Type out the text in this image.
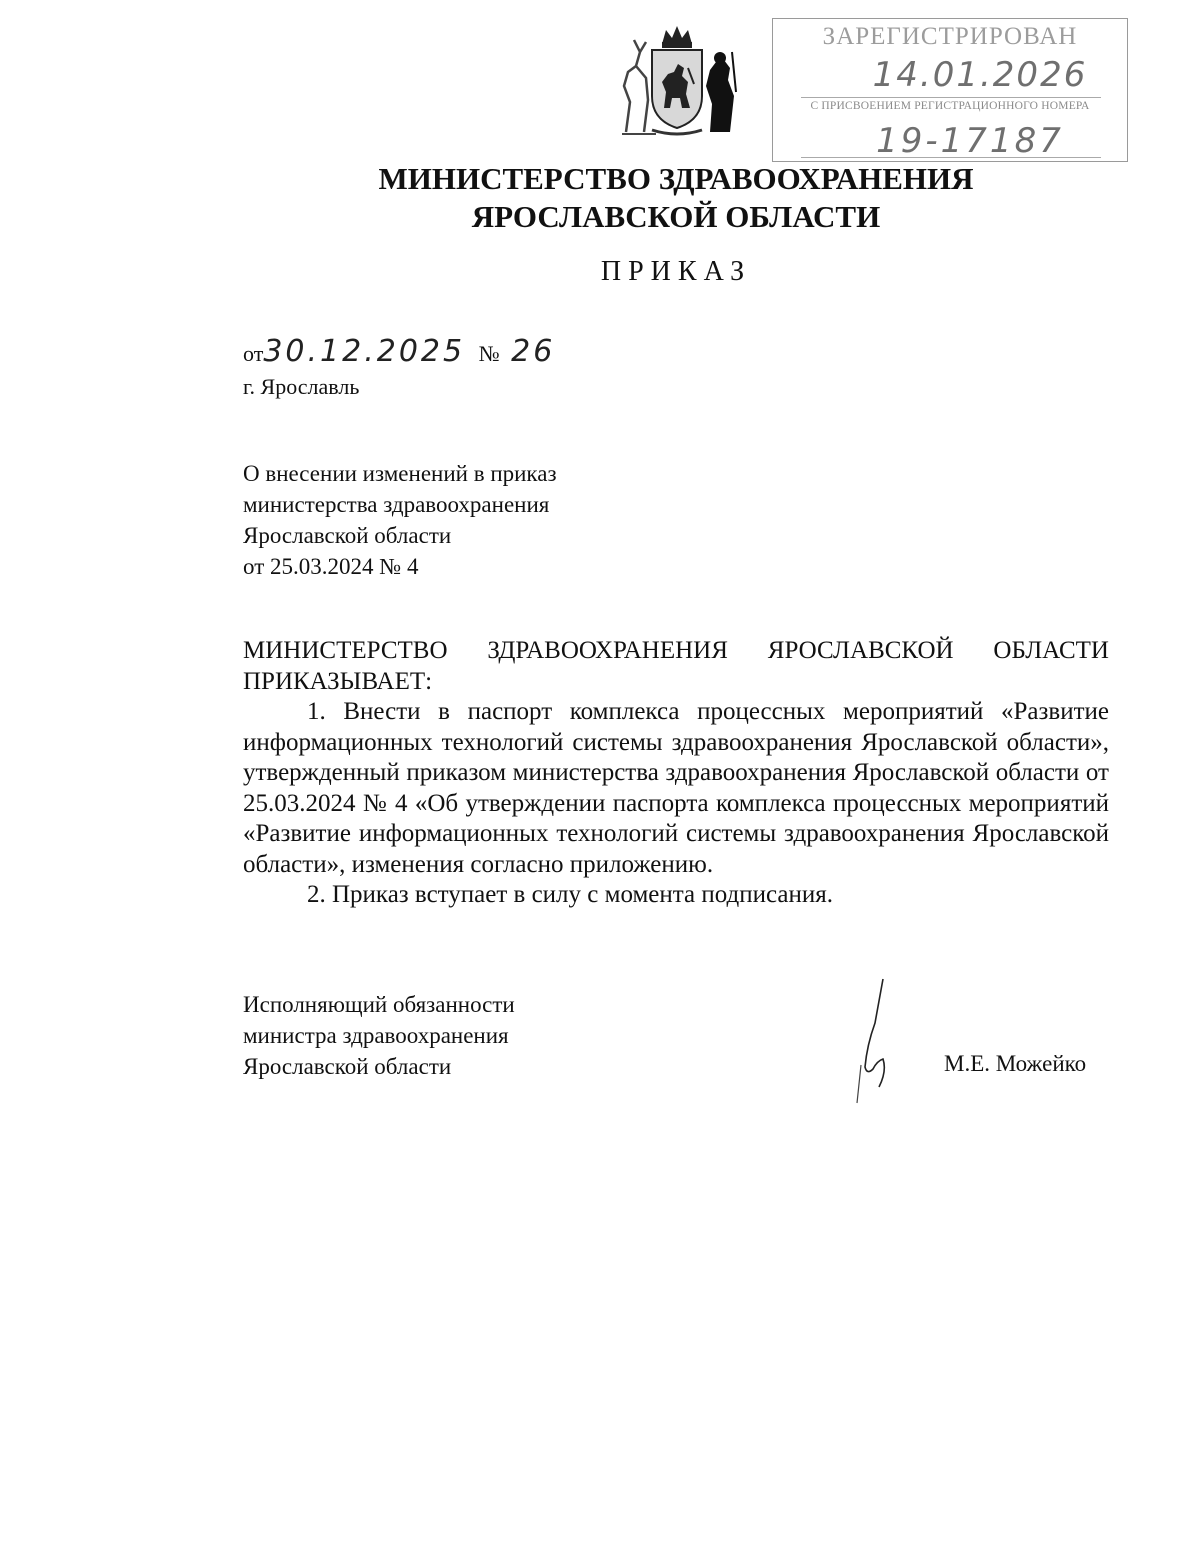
ЗАРЕГИСТРИРОВАН
14.01.2026
С ПРИСВОЕНИЕМ РЕГИСТРАЦИОННОГО НОМЕРА
19-17187
МИНИСТЕРСТВО ЗДРАВООХРАНЕНИЯ
ЯРОСЛАВСКОЙ ОБЛАСТИ
ПРИКАЗ
от30.12.2025 № 26
г. Ярославль
О внесении изменений в приказ
министерства здравоохранения
Ярославской области
от 25.03.2024 № 4

МИНИСТЕРСТВО ЗДРАВООХРАНЕНИЯ ЯРОСЛАВСКОЙ ОБЛАСТИ ПРИКАЗЫВАЕТ:

1. Внести в паспорт комплекса процессных мероприятий «Развитие информационных технологий системы здравоохранения Ярославской области», утвержденный приказом министерства здравоохранения Ярославской области от 25.03.2024 № 4 «Об утверждении паспорта комплекса процессных мероприятий «Развитие информационных технологий системы здравоохранения Ярославской области», изменения согласно приложению.

2. Приказ вступает в силу с момента подписания.

Исполняющий обязанности
министра здравоохранения
Ярославской области	М.Е. Можейко
